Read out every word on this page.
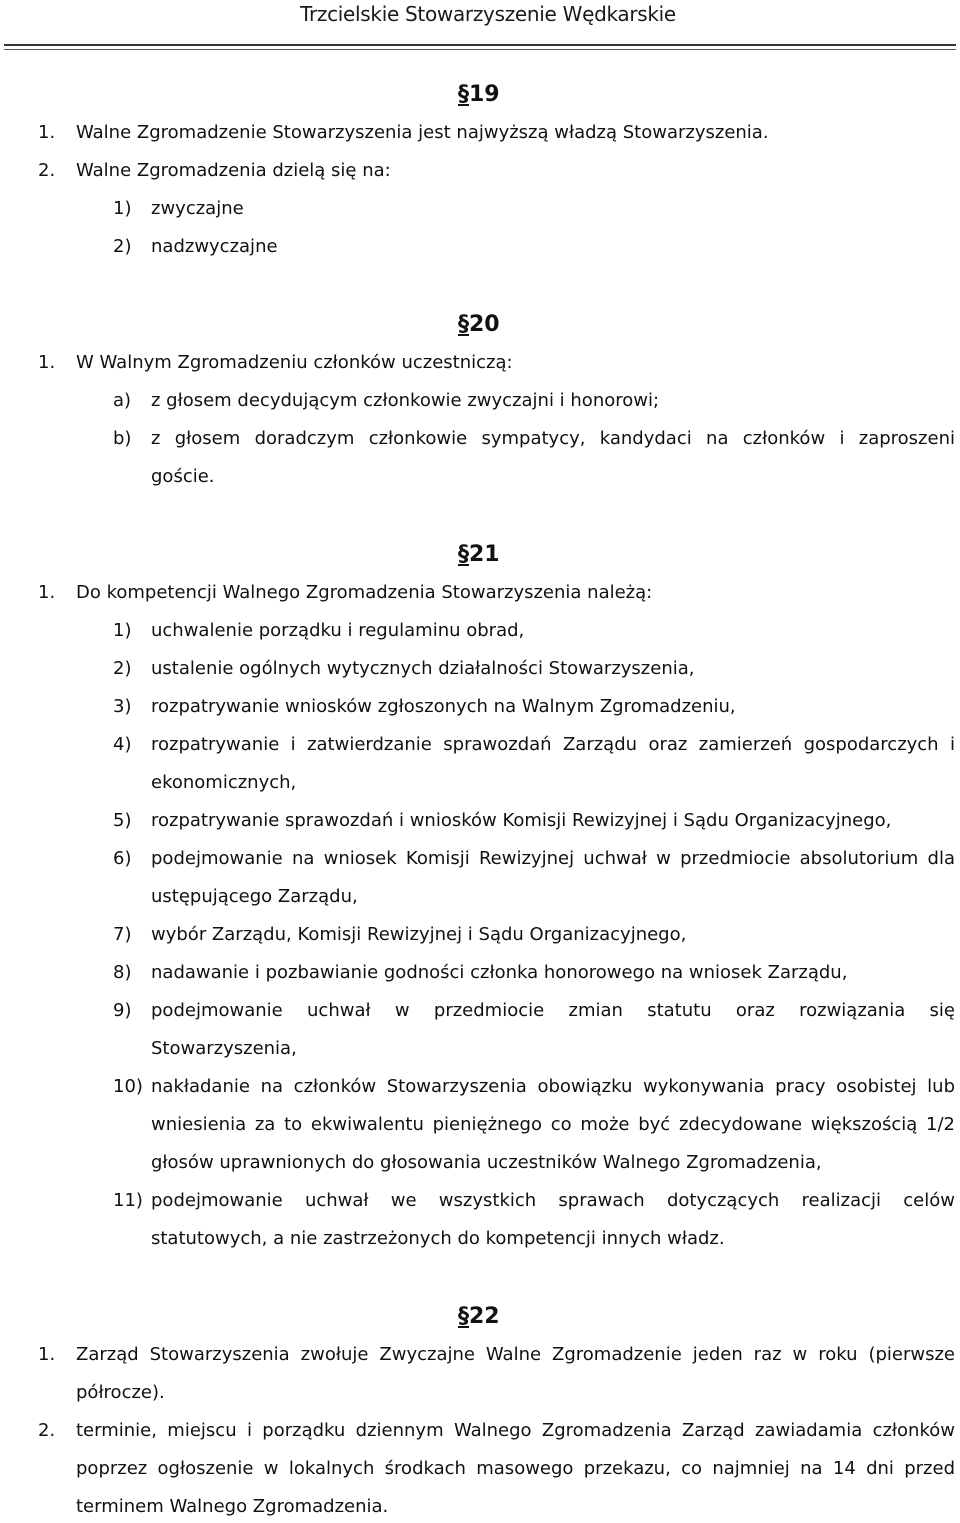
Trzcielskie Stowarzyszenie Wędkarskie
§19
1. Walne Zgromadzenie Stowarzyszenia jest najwyższą władzą Stowarzyszenia.
2. Walne Zgromadzenia dzielą się na:
1) zwyczajne
2) nadzwyczajne
§20
1. W Walnym Zgromadzeniu członków uczestniczą:
a) z głosem decydującym członkowie zwyczajni i honorowi;
b) z głosem doradczym członkowie sympatycy, kandydaci na członków i zaproszeni
goście.
§21
1. Do kompetencji Walnego Zgromadzenia Stowarzyszenia należą:
1) uchwalenie porządku i regulaminu obrad,
2) ustalenie ogólnych wytycznych działalności Stowarzyszenia,
3) rozpatrywanie wniosków zgłoszonych na Walnym Zgromadzeniu,
4) rozpatrywanie i zatwierdzanie sprawozdań Zarządu oraz zamierzeń gospodarczych i
ekonomicznych,
5) rozpatrywanie sprawozdań i wniosków Komisji Rewizyjnej i Sądu Organizacyjnego,
6) podejmowanie na wniosek Komisji Rewizyjnej uchwał w przedmiocie absolutorium dla
ustępującego Zarządu,
7) wybór Zarządu, Komisji Rewizyjnej i Sądu Organizacyjnego,
8) nadawanie i pozbawianie godności członka honorowego na wniosek Zarządu,
9) podejmowanie uchwał w przedmiocie zmian statutu oraz rozwiązania się
Stowarzyszenia,
10) nakładanie na członków Stowarzyszenia obowiązku wykonywania pracy osobistej lub
wniesienia za to ekwiwalentu pieniężnego co może być zdecydowane większością 1/2
głosów uprawnionych do głosowania uczestników Walnego Zgromadzenia,
11) podejmowanie uchwał we wszystkich sprawach dotyczących realizacji celów
statutowych, a nie zastrzeżonych do kompetencji innych władz.
§22
1. Zarząd Stowarzyszenia zwołuje Zwyczajne Walne Zgromadzenie jeden raz w roku (pierwsze
półrocze).
2. terminie, miejscu i porządku dziennym Walnego Zgromadzenia Zarząd zawiadamia członków
poprzez ogłoszenie w lokalnych środkach masowego przekazu, co najmniej na 14 dni przed
terminem Walnego Zgromadzenia.
